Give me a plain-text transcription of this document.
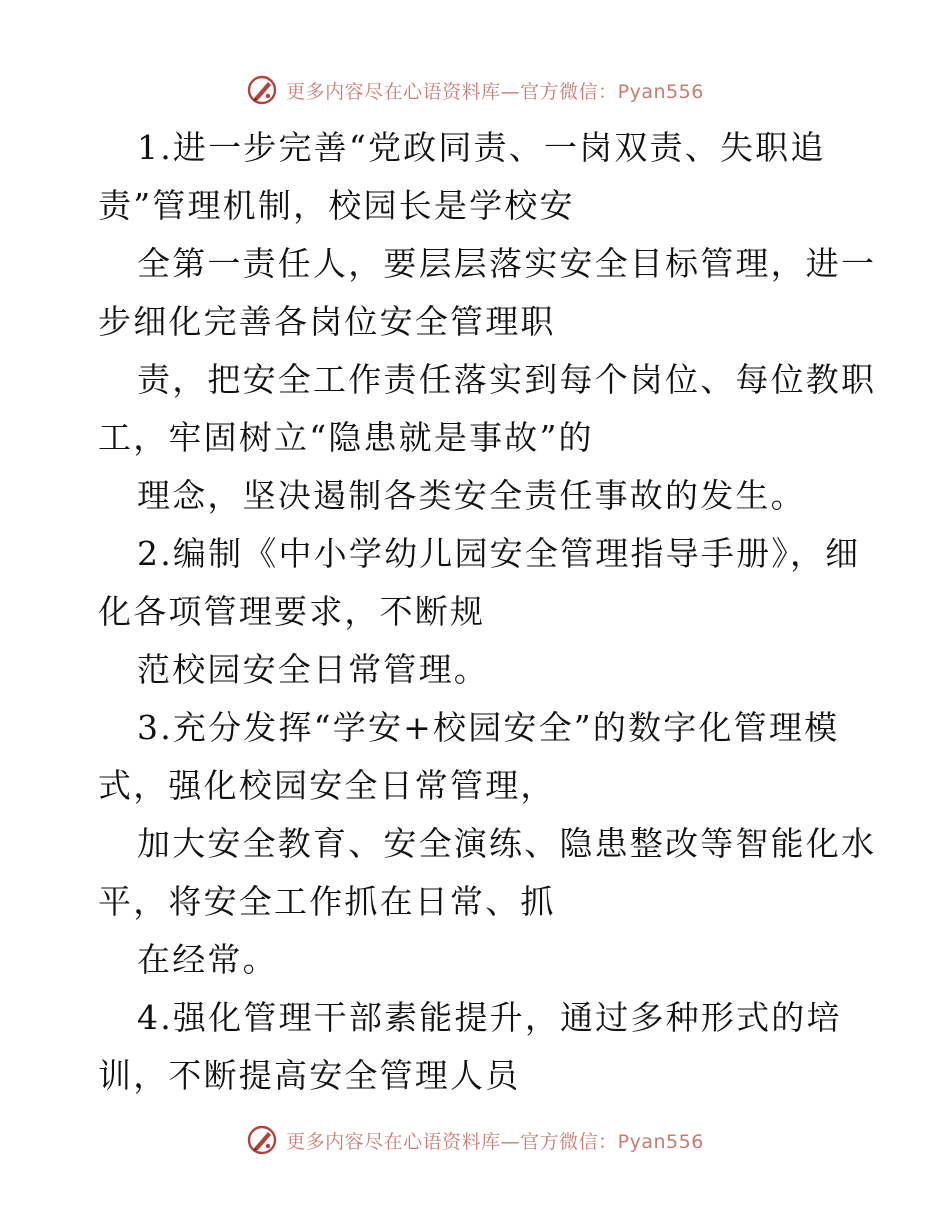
更多内容尽在心语资料库—官方微信：Pyan556
1.进一步完善“党政同责、一岗双责、失职追
责”管理机制，校园长是学校安
全第一责任人，要层层落实安全目标管理，进一
步细化完善各岗位安全管理职
责，把安全工作责任落实到每个岗位、每位教职
工，牢固树立“隐患就是事故”的
理念，坚决遏制各类安全责任事故的发生。
2.编制《中小学幼儿园安全管理指导手册》，细
化各项管理要求，不断规
范校园安全日常管理。
3.充分发挥“学安+校园安全”的数字化管理模
式，强化校园安全日常管理，
加大安全教育、安全演练、隐患整改等智能化水
平，将安全工作抓在日常、抓
在经常。
4.强化管理干部素能提升，通过多种形式的培
训，不断提高安全管理人员
更多内容尽在心语资料库—官方微信：Pyan556
